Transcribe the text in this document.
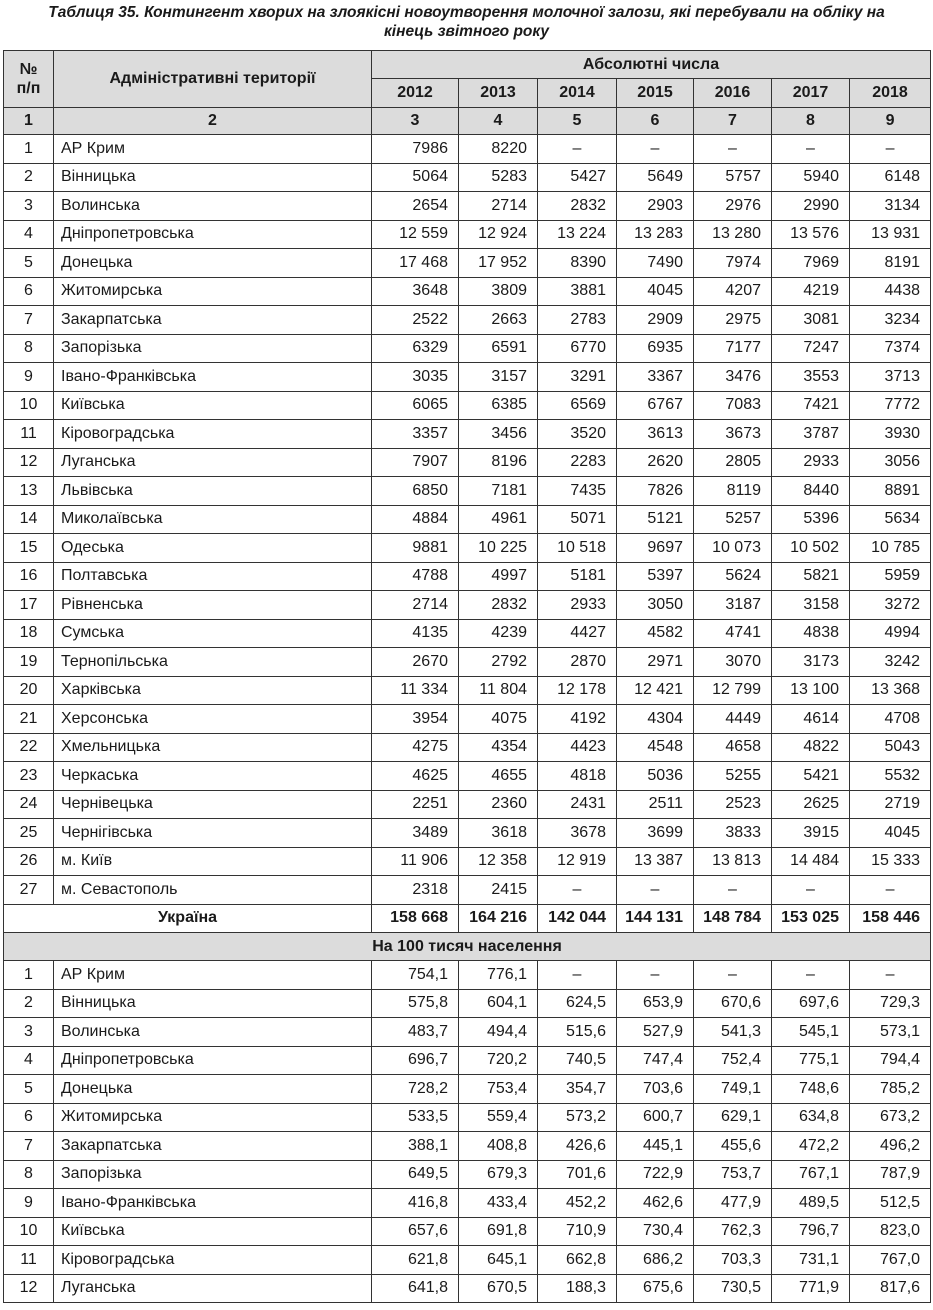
Таблиця 35. Контингент хворих на злоякісні новоутворення молочної залози, які перебували на обліку на
кінець звітного року
№
п/п	Адміністративні території	Абсолютні числа						
		2012	2013	2014	2015	2016	2017	2018
1	2	3	4	5	6	7	8	9
1	АР Крим	7986	8220	–	–	–	–	–
2	Вінницька	5064	5283	5427	5649	5757	5940	6148
3	Волинська	2654	2714	2832	2903	2976	2990	3134
4	Дніпропетровська	12 559	12 924	13 224	13 283	13 280	13 576	13 931
5	Донецька	17 468	17 952	8390	7490	7974	7969	8191
6	Житомирська	3648	3809	3881	4045	4207	4219	4438
7	Закарпатська	2522	2663	2783	2909	2975	3081	3234
8	Запорізька	6329	6591	6770	6935	7177	7247	7374
9	Івано-Франківська	3035	3157	3291	3367	3476	3553	3713
10	Київська	6065	6385	6569	6767	7083	7421	7772
11	Кіровоградська	3357	3456	3520	3613	3673	3787	3930
12	Луганська	7907	8196	2283	2620	2805	2933	3056
13	Львівська	6850	7181	7435	7826	8119	8440	8891
14	Миколаївська	4884	4961	5071	5121	5257	5396	5634
15	Одеська	9881	10 225	10 518	9697	10 073	10 502	10 785
16	Полтавська	4788	4997	5181	5397	5624	5821	5959
17	Рівненська	2714	2832	2933	3050	3187	3158	3272
18	Сумська	4135	4239	4427	4582	4741	4838	4994
19	Тернопільська	2670	2792	2870	2971	3070	3173	3242
20	Харківська	11 334	11 804	12 178	12 421	12 799	13 100	13 368
21	Херсонська	3954	4075	4192	4304	4449	4614	4708
22	Хмельницька	4275	4354	4423	4548	4658	4822	5043
23	Черкаська	4625	4655	4818	5036	5255	5421	5532
24	Чернівецька	2251	2360	2431	2511	2523	2625	2719
25	Чернігівська	3489	3618	3678	3699	3833	3915	4045
26	м. Київ	11 906	12 358	12 919	13 387	13 813	14 484	15 333
27	м. Севастополь	2318	2415	–	–	–	–	–
Україна		158 668	164 216	142 044	144 131	148 784	153 025	158 446
На 100 тисяч населення								
1	АР Крим	754,1	776,1	–	–	–	–	–
2	Вінницька	575,8	604,1	624,5	653,9	670,6	697,6	729,3
3	Волинська	483,7	494,4	515,6	527,9	541,3	545,1	573,1
4	Дніпропетровська	696,7	720,2	740,5	747,4	752,4	775,1	794,4
5	Донецька	728,2	753,4	354,7	703,6	749,1	748,6	785,2
6	Житомирська	533,5	559,4	573,2	600,7	629,1	634,8	673,2
7	Закарпатська	388,1	408,8	426,6	445,1	455,6	472,2	496,2
8	Запорізька	649,5	679,3	701,6	722,9	753,7	767,1	787,9
9	Івано-Франківська	416,8	433,4	452,2	462,6	477,9	489,5	512,5
10	Київська	657,6	691,8	710,9	730,4	762,3	796,7	823,0
11	Кіровоградська	621,8	645,1	662,8	686,2	703,3	731,1	767,0
12	Луганська	641,8	670,5	188,3	675,6	730,5	771,9	817,6
